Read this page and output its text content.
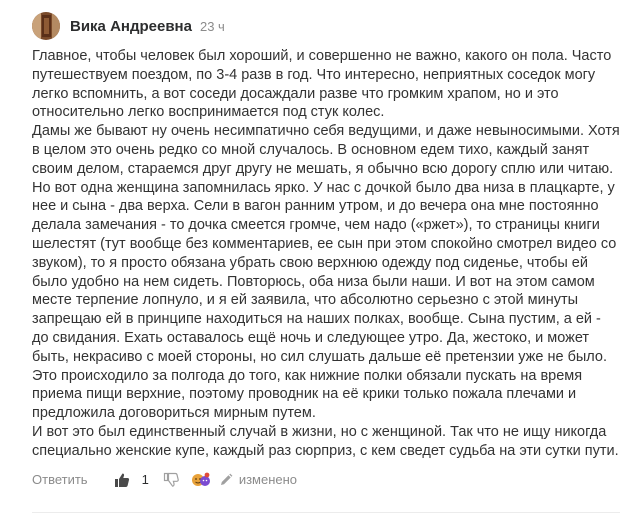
Вика Андреевна 23 ч

Главное, чтобы человек был хороший, и совершенно не важно, какого он пола. Часто путешествуем поездом, по 3-4 разв в год. Что интересно, неприятных соседок могу легко вспомнить, а вот соседи досаждали разве что громким храпом, но и это относительно легко воспринимается под стук колес.

Дамы же бывают ну очень несимпатично себя ведущими, и даже невыносимыми. Хотя в целом это очень редко со мной случалось. В основном едем тихо, каждый занят своим делом, стараемся друг другу не мешать, я обычно всю дорогу сплю или читаю.

Но вот одна женщина запомнилась ярко. У нас с дочкой было два низа в плацкарте, у нее и сына - два верха. Сели в вагон ранним утром, и до вечера она мне постоянно делала замечания - то дочка смеется громче, чем надо («ржет»), то страницы книги шелестят (тут вообще без комментариев, ее сын при этом спокойно смотрел видео со звуком), то я просто обязана убрать свою верхнюю одежду под сиденье, чтобы ей было удобно на нем сидеть. Повторюсь, оба низа были наши. И вот на этом самом месте терпение лопнуло, и я ей заявила, что абсолютно серьезно с этой минуты запрещаю ей в принципе находиться на наших полках, вообще. Сына пустим, а ей - до свидания. Ехать оставалось ещё ночь и следующее утро. Да, жестоко, и может быть, некрасиво с моей стороны, но сил слушать дальше её претензии уже не было.

Это происходило за полгода до того, как нижние полки обязали пускать на время приема пищи верхние, поэтому проводник на её крики только пожала плечами и предложила договориться мирным путем.

И вот это был единственный случай в жизни, но с женщиной. Так что не ищу никогда специально женские купе, каждый раз сюрприз, с кем сведет судьба на эти сутки пути.

Ответить	1	изменено
